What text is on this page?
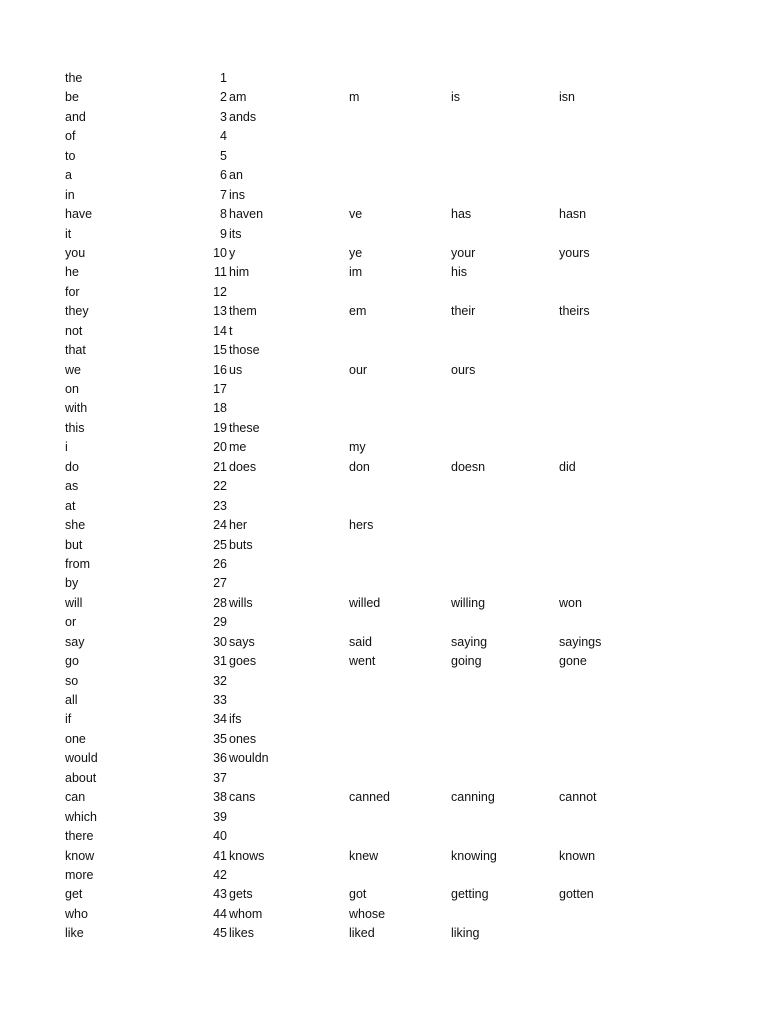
the	1
be	2 am	m	is	isn
and	3 ands
of	4
to	5
a	6 an
in	7 ins
have	8 haven	ve	has	hasn
it	9 its
you	10 y	ye	your	yours
he	11 him	im	his
for	12
they	13 them	em	their	theirs
not	14 t
that	15 those
we	16 us	our	ours
on	17
with	18
this	19 these
i	20 me	my
do	21 does	don	doesn	did
as	22
at	23
she	24 her	hers
but	25 buts
from	26
by	27
will	28 wills	willed	willing	won
or	29
say	30 says	said	saying	sayings
go	31 goes	went	going	gone
so	32
all	33
if	34 ifs
one	35 ones
would	36 wouldn
about	37
can	38 cans	canned	canning	cannot
which	39
there	40
know	41 knows	knew	knowing	known
more	42
get	43 gets	got	getting	gotten
who	44 whom	whose
like	45 likes	liked	liking
